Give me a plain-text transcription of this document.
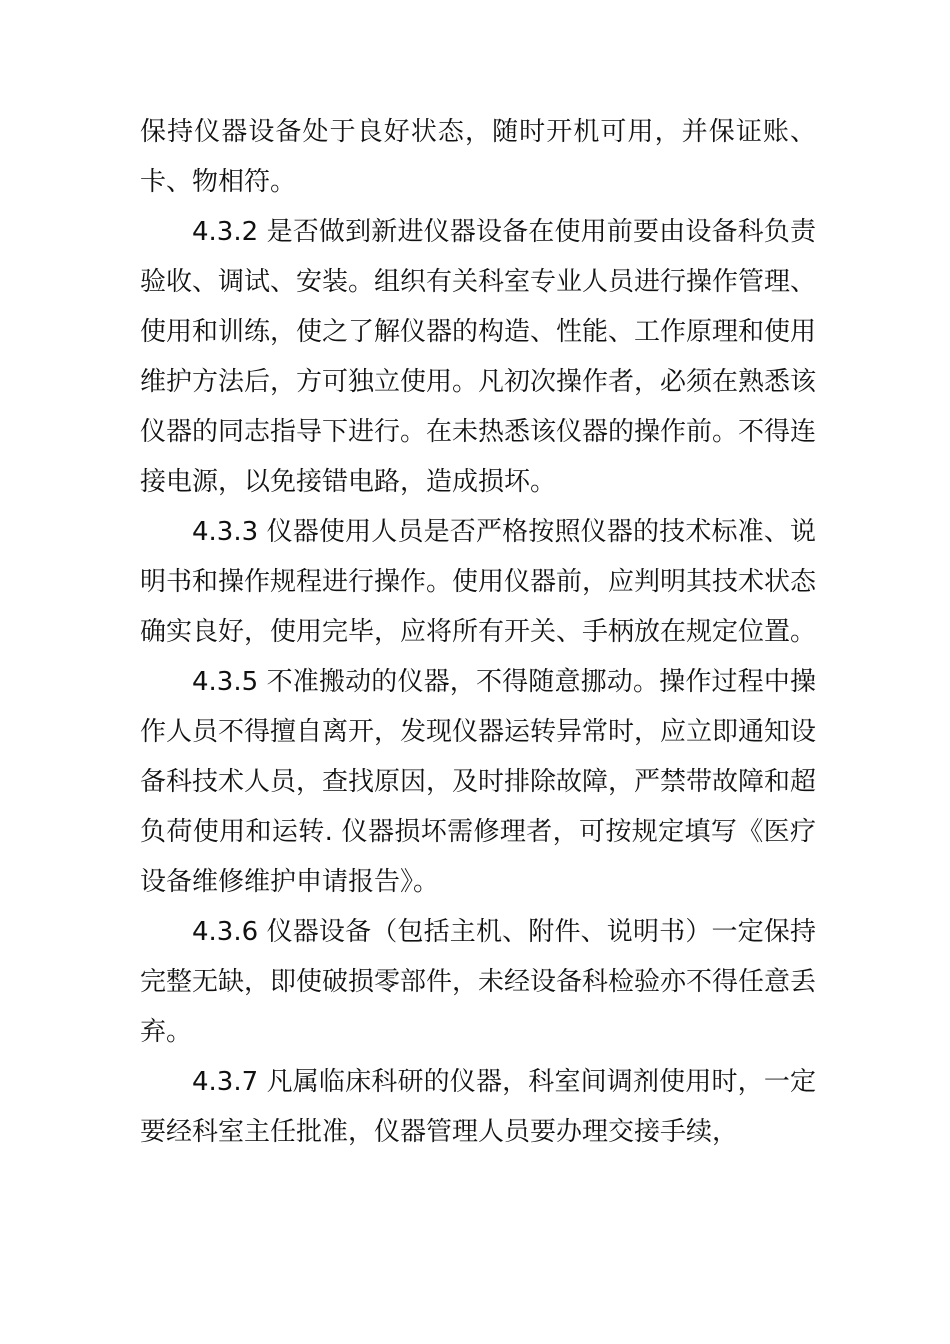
保持仪器设备处于良好状态，随时开机可用，并保证账、卡、物相符。

4.3.2 是否做到新进仪器设备在使用前要由设备科负责验收、调试、安装。组织有关科室专业人员进行操作管理、使用和训练，使之了解仪器的构造、性能、工作原理和使用维护方法后，方可独立使用。凡初次操作者，必须在熟悉该仪器的同志指导下进行。在未热悉该仪器的操作前。不得连接电源，以免接错电路，造成损坏。

4.3.3 仪器使用人员是否严格按照仪器的技术标准、说明书和操作规程进行操作。使用仪器前，应判明其技术状态确实良好，使用完毕，应将所有开关、手柄放在规定位置。

4.3.5 不准搬动的仪器，不得随意挪动。操作过程中操作人员不得擅自离开，发现仪器运转异常时，应立即通知设备科技术人员，查找原因，及时排除故障，严禁带故障和超负荷使用和运转. 仪器损坏需修理者，可按规定填写《医疗设备维修维护申请报告》。

4.3.6 仪器设备（包括主机、附件、说明书）一定保持完整无缺，即使破损零部件，未经设备科检验亦不得任意丢弃。

4.3.7 凡属临床科研的仪器，科室间调剂使用时，一定要经科室主任批准，仪器管理人员要办理交接手续，
